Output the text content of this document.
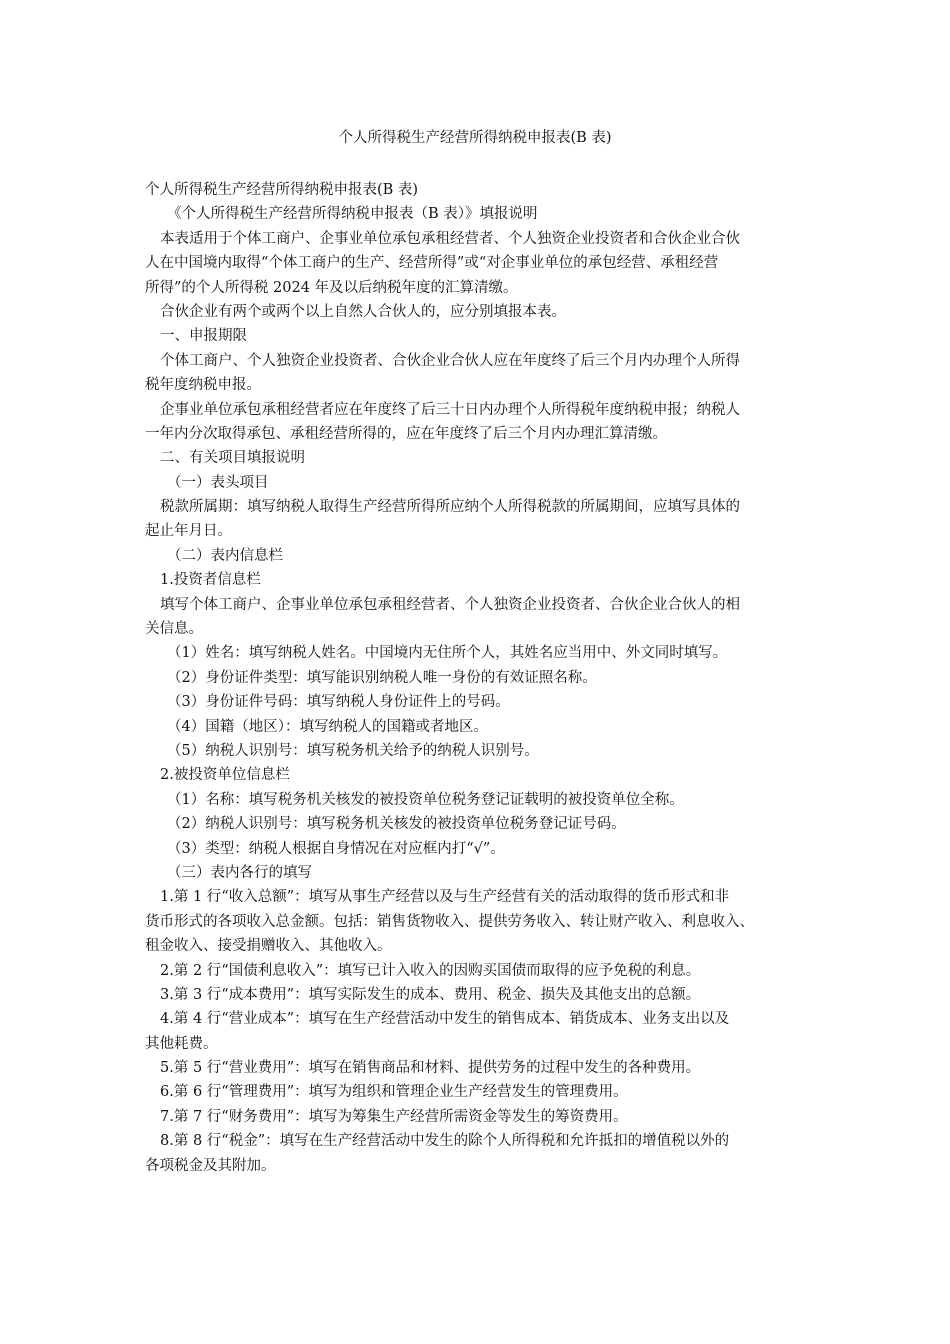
个人所得税生产经营所得纳税申报表(B 表)

个人所得税生产经营所得纳税申报表(B 表)

《个人所得税生产经营所得纳税申报表（B 表）》填报说明

本表适用于个体工商户、企事业单位承包承租经营者、个人独资企业投资者和合伙企业合伙

人在中国境内取得“个体工商户的生产、经营所得”或“对企事业单位的承包经营、承租经营

所得”的个人所得税 2024 年及以后纳税年度的汇算清缴。

合伙企业有两个或两个以上自然人合伙人的，应分别填报本表。

一、申报期限

个体工商户、个人独资企业投资者、合伙企业合伙人应在年度终了后三个月内办理个人所得

税年度纳税申报。

企事业单位承包承租经营者应在年度终了后三十日内办理个人所得税年度纳税申报；纳税人

一年内分次取得承包、承租经营所得的，应在年度终了后三个月内办理汇算清缴。

二、有关项目填报说明

（一）表头项目

税款所属期：填写纳税人取得生产经营所得所应纳个人所得税款的所属期间，应填写具体的

起止年月日。

（二）表内信息栏

1.投资者信息栏

填写个体工商户、企事业单位承包承租经营者、个人独资企业投资者、合伙企业合伙人的相

关信息。

（1）姓名：填写纳税人姓名。中国境内无住所个人，其姓名应当用中、外文同时填写。

（2）身份证件类型：填写能识别纳税人唯一身份的有效证照名称。

（3）身份证件号码：填写纳税人身份证件上的号码。

（4）国籍（地区）：填写纳税人的国籍或者地区。

（5）纳税人识别号：填写税务机关给予的纳税人识别号。

2.被投资单位信息栏

（1）名称：填写税务机关核发的被投资单位税务登记证载明的被投资单位全称。

（2）纳税人识别号：填写税务机关核发的被投资单位税务登记证号码。

（3）类型：纳税人根据自身情况在对应框内打“√”。

（三）表内各行的填写

1.第 1 行“收入总额”：填写从事生产经营以及与生产经营有关的活动取得的货币形式和非

货币形式的各项收入总金额。包括：销售货物收入、提供劳务收入、转让财产收入、利息收入、

租金收入、接受捐赠收入、其他收入。

2.第 2 行“国债利息收入”：填写已计入收入的因购买国债而取得的应予免税的利息。

3.第 3 行“成本费用”：填写实际发生的成本、费用、税金、损失及其他支出的总额。

4.第 4 行“营业成本”：填写在生产经营活动中发生的销售成本、销货成本、业务支出以及

其他耗费。

5.第 5 行“营业费用”：填写在销售商品和材料、提供劳务的过程中发生的各种费用。

6.第 6 行“管理费用”：填写为组织和管理企业生产经营发生的管理费用。

7.第 7 行“财务费用”：填写为筹集生产经营所需资金等发生的筹资费用。

8.第 8 行“税金”：填写在生产经营活动中发生的除个人所得税和允许抵扣的增值税以外的

各项税金及其附加。
